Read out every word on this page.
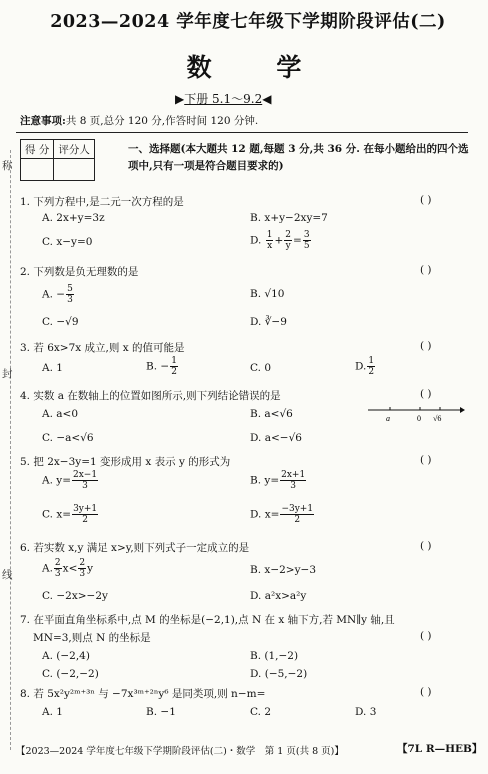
2023—2024 学年度七年级下学期阶段评估(二)
数 学
▶下册 5.1～9.2◀
注意事项:共 8 页,总分 120 分,作答时间 120 分钟.
得 分	评分人
		一、选择题(本大题共 12 题,每题 3 分,共 36 分. 在每小题给出的四个选项中,只有一项是符合题目要求的)
称
封
线
1. 下列方程中,是二元一次方程的是	( )
A. 2x+y=3z	B. x+y−2xy=7
C. x−y=0	D. $\frac{1}{x} + \frac{2}{y} = \frac{3}{5}$
2. 下列数是负无理数的是	( )
A. − $\frac{5}{3}$	B. √10
C. −√9	D. ∛−9
3. 若 6x>7x 成立,则 x 的值可能是	( )
A. 1	B. − $\frac{1}{2}$	C. 0	D. $\frac{1}{2}$
4. 实数 a 在数轴上的位置如图所示,则下列结论错误的是	( )
A. a<0	B. a<√6
C. −a<√6	D. a<−√6
a	0 √6
5. 把 2x−3y=1 变形成用 x 表示 y 的形式为	( )
A. $y= \frac{2x-1}{3}$	B. $y= \frac{2x+1}{3}$
C. $x= \frac{3y+1}{2}$	D. $x= \frac{-3y+1}{2}$
6. 若实数 x,y 满足 x>y,则下列式子一定成立的是	( )
A. $\frac{2}{3} x< \frac{2}{3}$ y	B. x−2>y−3
C. −2x>−2y	D. a²x>a²y
7. 在平面直角坐标系中,点 M 的坐标是(−2,1),点 N 在 x 轴下方,若 MN∥y 轴,且
MN=3,则点 N 的坐标是	( )
A. (−2,4)	B. (1,−2)
C. (−2,−2)	D. (−5,−2)
8. 若 5x²y²ᵐ⁺³ⁿ 与 −7x³ᵐ⁺²ⁿy⁶ 是同类项,则 n−m=	( )
A. 1	B. −1	C. 2	D. 3
【2023—2024 学年度七年级下学期阶段评估(二)・数学　第 1 页(共 8 页)】	【7L R—HEB】
